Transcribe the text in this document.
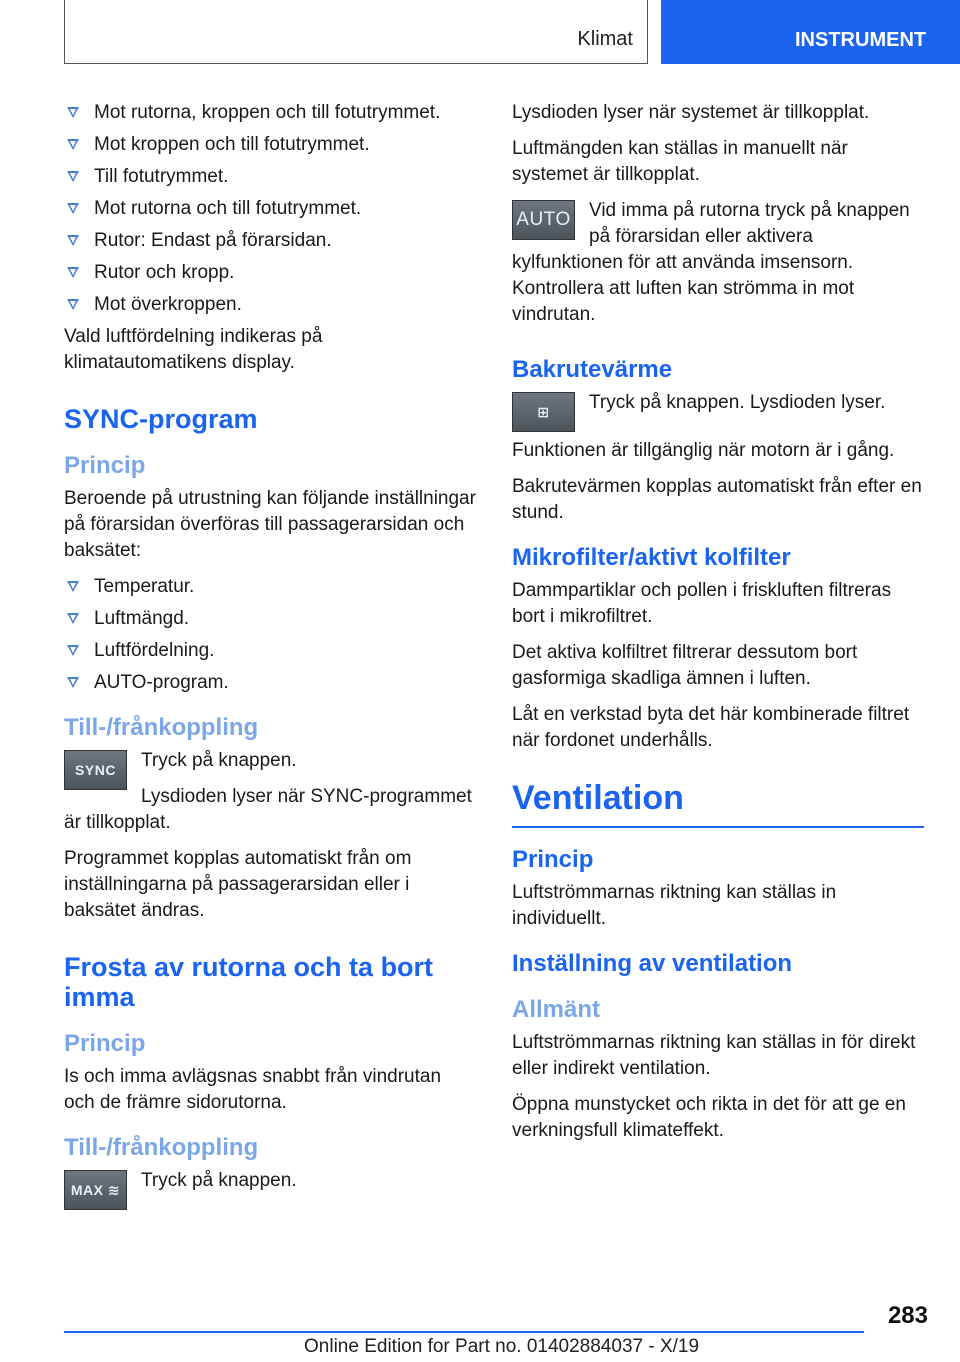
Klimat	INSTRUMENT
Mot rutorna, kroppen och till fotutrymmet.
Mot kroppen och till fotutrymmet.
Till fotutrymmet.
Mot rutorna och till fotutrymmet.
Rutor: Endast på förarsidan.
Rutor och kropp.
Mot överkroppen.

Vald luftfördelning indikeras på klimatautomatikens display.

SYNC-program
Princip

Beroende på utrustning kan följande inställningar på förarsidan överföras till passagerarsidan och baksätet:

Temperatur.
Luftmängd.
Luftfördelning.
AUTO-program.
Till-/frånkoppling
SYNC	Tryck på knappen.

Lysdioden lyser när SYNC-programmet är tillkopplat.

Programmet kopplas automatiskt från om inställningarna på passagerarsidan eller i baksätet ändras.

Frosta av rutorna och ta bort imma
Princip

Is och imma avlägsnas snabbt från vindrutan och de främre sidorutorna.

Till-/frånkoppling
MAX ≋	Tryck på knappen.

Lysdioden lyser när systemet är tillkopplat.

Luftmängden kan ställas in manuellt när systemet är tillkopplat.

AUTO Vid imma på rutorna tryck på knappen på förarsidan eller aktivera kylfunktionen för att använda imsensorn. Kontrollera att luften kan strömma in mot vindrutan.

Bakrutevärme
⊞	Tryck på knappen. Lysdioden lyser.

Funktionen är tillgänglig när motorn är i gång.

Bakrutevärmen kopplas automatiskt från efter en stund.

Mikrofilter/aktivt kolfilter

Dammpartiklar och pollen i friskluften filtreras bort i mikrofiltret.

Det aktiva kolfiltret filtrerar dessutom bort gasformiga skadliga ämnen i luften.

Låt en verkstad byta det här kombinerade filtret när fordonet underhålls.

Ventilation
Princip

Luftströmmarnas riktning kan ställas in individuellt.

Inställning av ventilation
Allmänt

Luftströmmarnas riktning kan ställas in för direkt eller indirekt ventilation.

Öppna munstycket och rikta in det för att ge en verkningsfull klimateffekt.

283
Online Edition for Part no. 01402884037 - X/19
